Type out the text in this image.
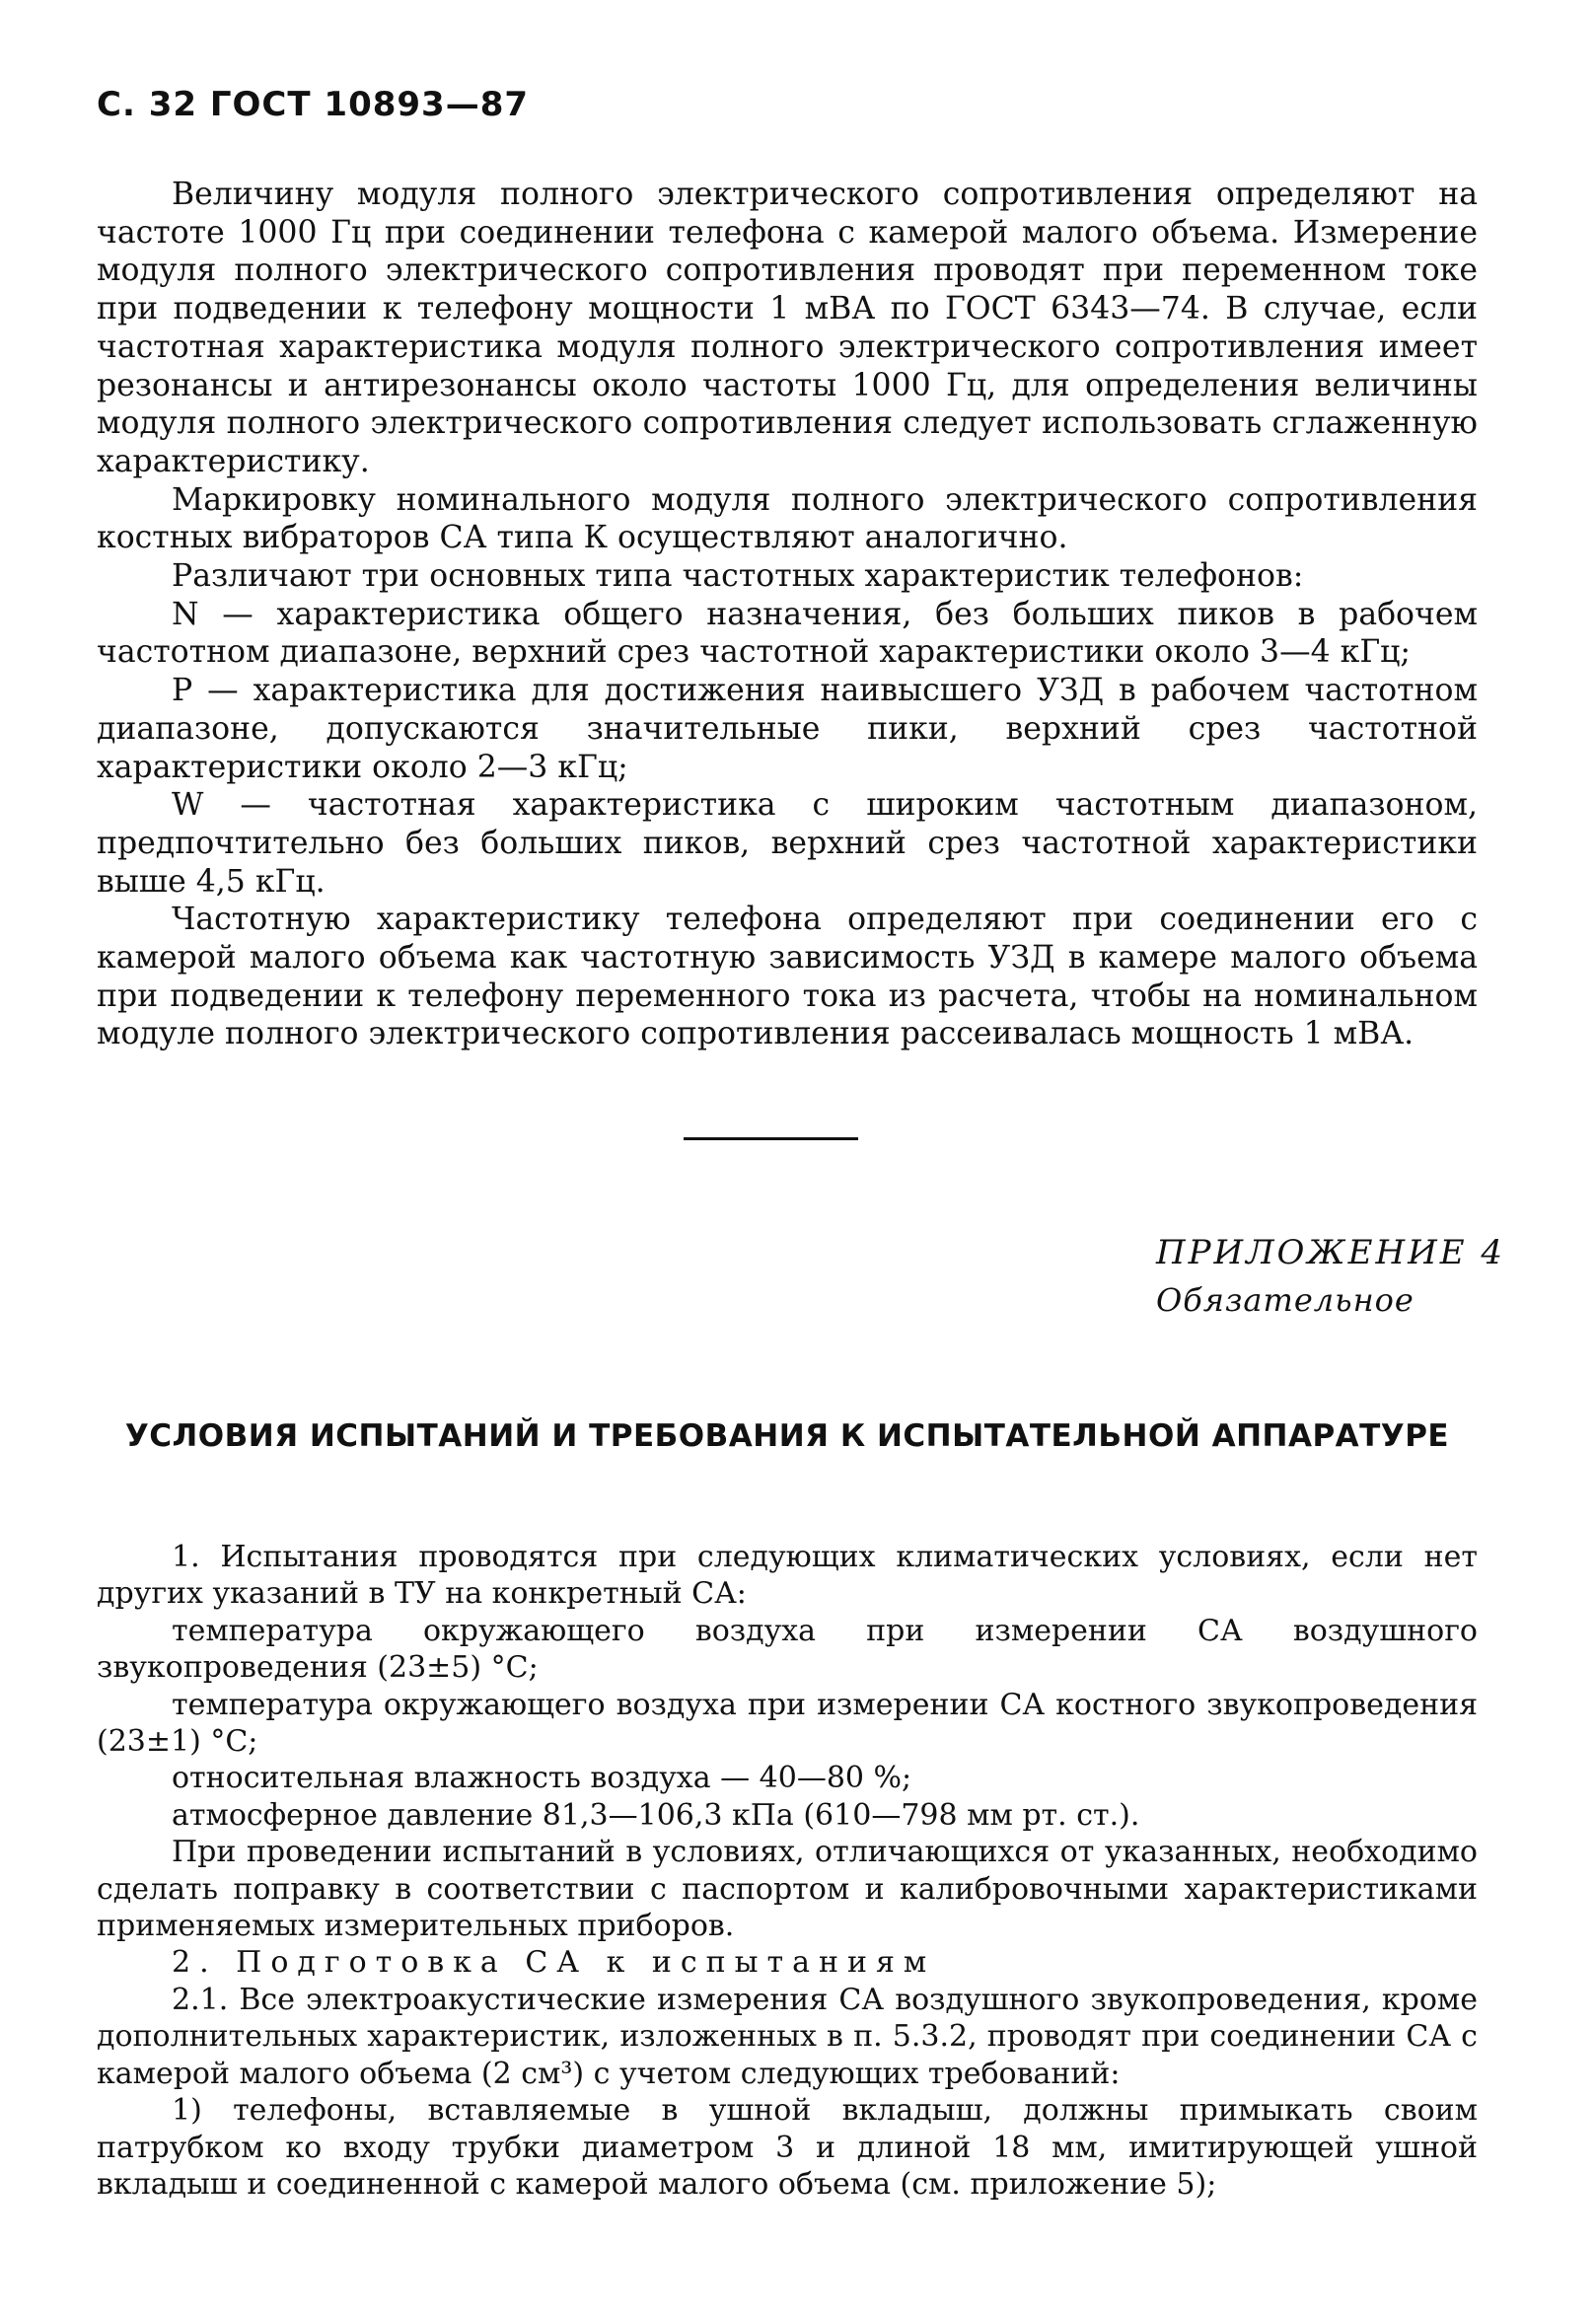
С. 32 ГОСТ 10893—87

Величину модуля полного электрического сопротивления определяют на частоте 1000 Гц при соединении телефона с камерой малого объема. Измерение модуля полного электрического сопротивления проводят при переменном токе при подведении к телефону мощности 1 мВА по ГОСТ 6343—74. В случае, если частотная характеристика модуля полного электрического сопротивления имеет резонансы и антирезонансы около частоты 1000 Гц, для определения величины модуля полного электрического сопротивления следует использовать сглаженную характеристику.

Маркировку номинального модуля полного электрического сопротивления костных вибраторов СА типа К осуществляют аналогично.

Различают три основных типа частотных характеристик телефонов:

N — характеристика общего назначения, без больших пиков в рабочем частотном диапазоне, верхний срез частотной характеристики около 3—4 кГц;

P — характеристика для достижения наивысшего УЗД в рабочем частотном диапазоне, допускаются значительные пики, верхний срез частотной характеристики около 2—3 кГц;

W — частотная характеристика с широким частотным диапазоном, предпочтительно без больших пиков, верхний срез частотной характеристики выше 4,5 кГц.

Частотную характеристику телефона определяют при соединении его с камерой малого объема как частотную зависимость УЗД в камере малого объема при подведении к телефону переменного тока из расчета, чтобы на номинальном модуле полного электрического сопротивления рассеивалась мощность 1 мВА.

ПРИЛОЖЕНИЕ 4
Обязательное
УСЛОВИЯ ИСПЫТАНИЙ И ТРЕБОВАНИЯ К ИСПЫТАТЕЛЬНОЙ АППАРАТУРЕ

1. Испытания проводятся при следующих климатических условиях, если нет других указаний в ТУ на конкретный СА:

температура окружающего воздуха при измерении СА воздушного звукопроведения (23±5) °С;

температура окружающего воздуха при измерении СА костного звукопроведения (23±1) °С;

относительная влажность воздуха — 40—80 %;

атмосферное давление 81,3—106,3 кПа (610—798 мм рт. ст.).

При проведении испытаний в условиях, отличающихся от указанных, необходимо сделать поправку в соответствии с паспортом и калибровочными характеристиками применяемых измерительных приборов.

2. Подготовка СА к испытаниям

2.1. Все электроакустические измерения СА воздушного звукопроведения, кроме дополнительных характеристик, изложенных в п. 5.3.2, проводят при соединении СА с камерой малого объема (2 см³) с учетом следующих требований:

1) телефоны, вставляемые в ушной вкладыш, должны примыкать своим патрубком ко входу трубки диаметром 3 и длиной 18 мм, имитирующей ушной вкладыш и соединенной с камерой малого объема (см. приложение 5);
